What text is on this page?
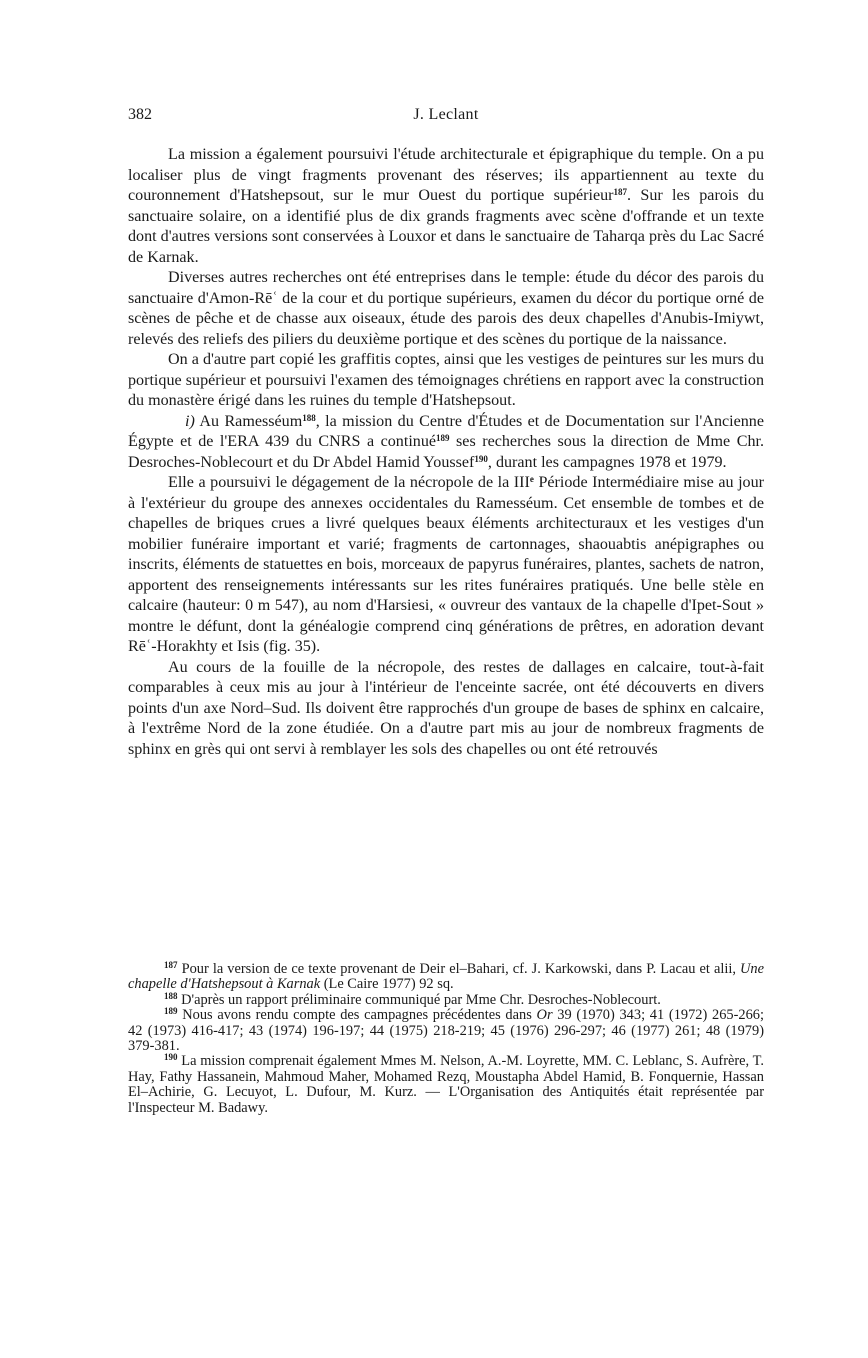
382	J. Leclant

La mission a également poursuivi l'étude architecturale et épigraphique du temple. On a pu localiser plus de vingt fragments provenant des réserves; ils appartiennent au texte du couronnement d'Hatshepsout, sur le mur Ouest du portique supérieur$^{187}$. Sur les parois du sanctuaire solaire, on a identifié plus de dix grands fragments avec scène d'offrande et un texte dont d'autres versions sont conservées à Louxor et dans le sanctuaire de Taharqa près du Lac Sacré de Karnak.

Diverses autres recherches ont été entreprises dans le temple: étude du décor des parois du sanctuaire d'Amon-Rēʿ de la cour et du portique supérieurs, examen du décor du portique orné de scènes de pêche et de chasse aux oiseaux, étude des parois des deux chapelles d'Anubis-Imiywt, relevés des reliefs des piliers du deuxième portique et des scènes du portique de la naissance.

On a d'autre part copié les graffitis coptes, ainsi que les vestiges de peintures sur les murs du portique supérieur et poursuivi l'examen des témoignages chrétiens en rapport avec la construction du monastère érigé dans les ruines du temple d'Hatshepsout.

i) Au Ramesséum$^{188}$, la mission du Centre d'Études et de Documentation sur l'Ancienne Égypte et de l'ERA 439 du CNRS a continué$^{189}$ ses recherches sous la direction de Mme Chr. Desroches-Noblecourt et du Dr Abdel Hamid Youssef$^{190}$, durant les campagnes 1978 et 1979.

Elle a poursuivi le dégagement de la nécropole de la IIIe Période Intermédiaire mise au jour à l'extérieur du groupe des annexes occidentales du Ramesséum. Cet ensemble de tombes et de chapelles de briques crues a livré quelques beaux éléments architecturaux et les vestiges d'un mobilier funéraire important et varié; fragments de cartonnages, shaouabtis anépigraphes ou inscrits, éléments de statuettes en bois, morceaux de papyrus funéraires, plantes, sachets de natron, apportent des renseignements intéressants sur les rites funéraires pratiqués. Une belle stèle en calcaire (hauteur: 0 m 547), au nom d'Harsiesi, « ouvreur des vantaux de la chapelle d'Ipet-Sout » montre le défunt, dont la généalogie comprend cinq générations de prêtres, en adoration devant Rēʿ-Horakhty et Isis (fig. 35).

Au cours de la fouille de la nécropole, des restes de dallages en calcaire, tout-à-fait comparables à ceux mis au jour à l'intérieur de l'enceinte sacrée, ont été découverts en divers points d'un axe Nord–Sud. Ils doivent être rapprochés d'un groupe de bases de sphinx en calcaire, à l'extrême Nord de la zone étudiée. On a d'autre part mis au jour de nombreux fragments de sphinx en grès qui ont servi à remblayer les sols des chapelles ou ont été retrouvés

$^{187}$ Pour la version de ce texte provenant de Deir el–Bahari, cf. J. Karkowski, dans P. Lacau et alii, Une chapelle d'Hatshepsout à Karnak (Le Caire 1977) 92 sq.

$^{188}$ D'après un rapport préliminaire communiqué par Mme Chr. Desroches-Noblecourt.

$^{189}$ Nous avons rendu compte des campagnes précédentes dans Or 39 (1970) 343; 41 (1972) 265-266; 42 (1973) 416-417; 43 (1974) 196-197; 44 (1975) 218-219; 45 (1976) 296-297; 46 (1977) 261; 48 (1979) 379-381.

$^{190}$ La mission comprenait également Mmes M. Nelson, A.-M. Loyrette, MM. C. Leblanc, S. Aufrère, T. Hay, Fathy Hassanein, Mahmoud Maher, Mohamed Rezq, Moustapha Abdel Hamid, B. Fonquernie, Hassan El–Achirie, G. Lecuyot, L. Dufour, M. Kurz. — L'Organisation des Antiquités était représentée par l'Inspecteur M. Badawy.
